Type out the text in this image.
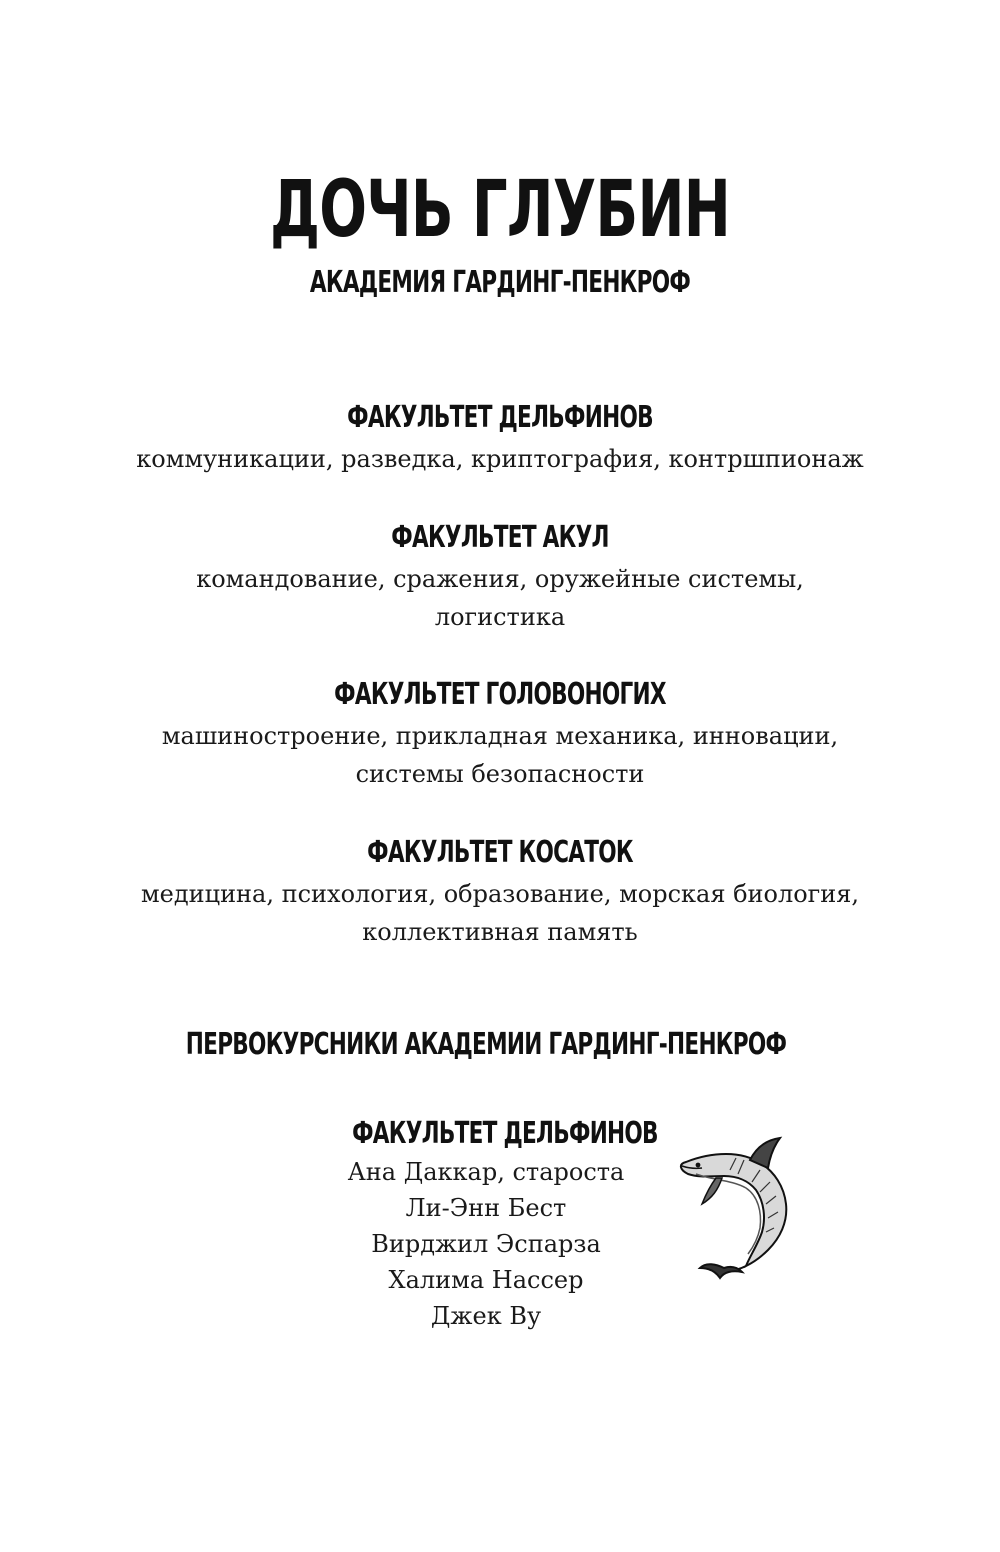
ДОЧЬ ГЛУБИН
АКАДЕМИЯ ГАРДИНГ-ПЕНКРОФ
ФАКУЛЬТЕТ ДЕЛЬФИНОВ
коммуникации, разведка, криптография, контршпионаж
ФАКУЛЬТЕТ АКУЛ
командование, сражения, оружейные системы,
логистика
ФАКУЛЬТЕТ ГОЛОВОНОГИХ
машиностроение, прикладная механика, инновации,
системы безопасности
ФАКУЛЬТЕТ КОСАТОК
медицина, психология, образование, морская биология,
коллективная память
ПЕРВОКУРСНИКИ АКАДЕМИИ ГАРДИНГ-ПЕНКРОФ
ФАКУЛЬТЕТ ДЕЛЬФИНОВ
Ана Даккар, староста
Ли-Энн Бест
Вирджил Эспарза
Халима Нассер
Джек Ву
